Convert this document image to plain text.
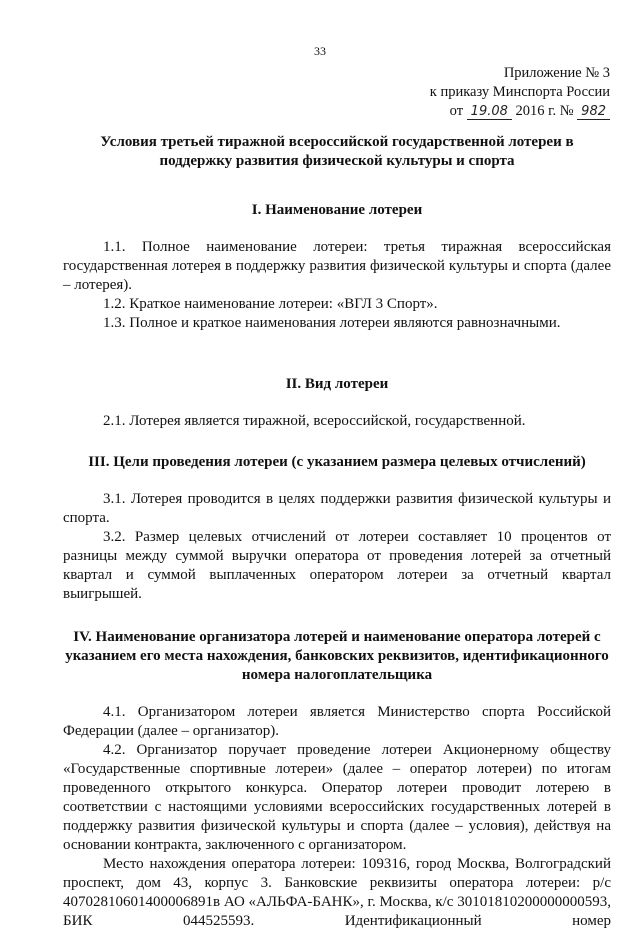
33
Приложение № 3
к приказу Минспорта России
от 19.08 2016 г. № 982
Условия третьей тиражной всероссийской государственной лотереи в поддержку развития физической культуры и спорта
I. Наименование лотереи

1.1. Полное наименование лотереи: третья тиражная всероссийская государственная лотерея в поддержку развития физической культуры и спорта (далее – лотерея).

1.2. Краткое наименование лотереи: «ВГЛ 3 Спорт».

1.3. Полное и краткое наименования лотереи являются равнозначными.

II. Вид лотереи

2.1. Лотерея является тиражной, всероссийской, государственной.

III. Цели проведения лотереи (с указанием размера целевых отчислений)

3.1. Лотерея проводится в целях поддержки развития физической культуры и спорта.

3.2. Размер целевых отчислений от лотереи составляет 10 процентов от разницы между суммой выручки оператора от проведения лотерей за отчетный квартал и суммой выплаченных оператором лотереи за отчетный квартал выигрышей.

IV. Наименование организатора лотерей и наименование оператора лотерей с указанием его места нахождения, банковских реквизитов, идентификационного номера налогоплательщика

4.1. Организатором лотереи является Министерство спорта Российской Федерации (далее – организатор).

4.2. Организатор поручает проведение лотереи Акционерному обществу «Государственные спортивные лотереи» (далее – оператор лотереи) по итогам проведенного открытого конкурса. Оператор лотереи проводит лотерею в соответствии с настоящими условиями всероссийских государственных лотерей в поддержку развития физической культуры и спорта (далее – условия), действуя на основании контракта, заключенного с организатором.

Место нахождения оператора лотереи: 109316, город Москва, Волгоградский проспект, дом 43, корпус 3. Банковские реквизиты оператора лотереи: р/с 40702810601400006891в АО «АЛЬФА-БАНК», г. Москва, к/с 30101810200000000593, БИК 044525593. Идентификационный номер
